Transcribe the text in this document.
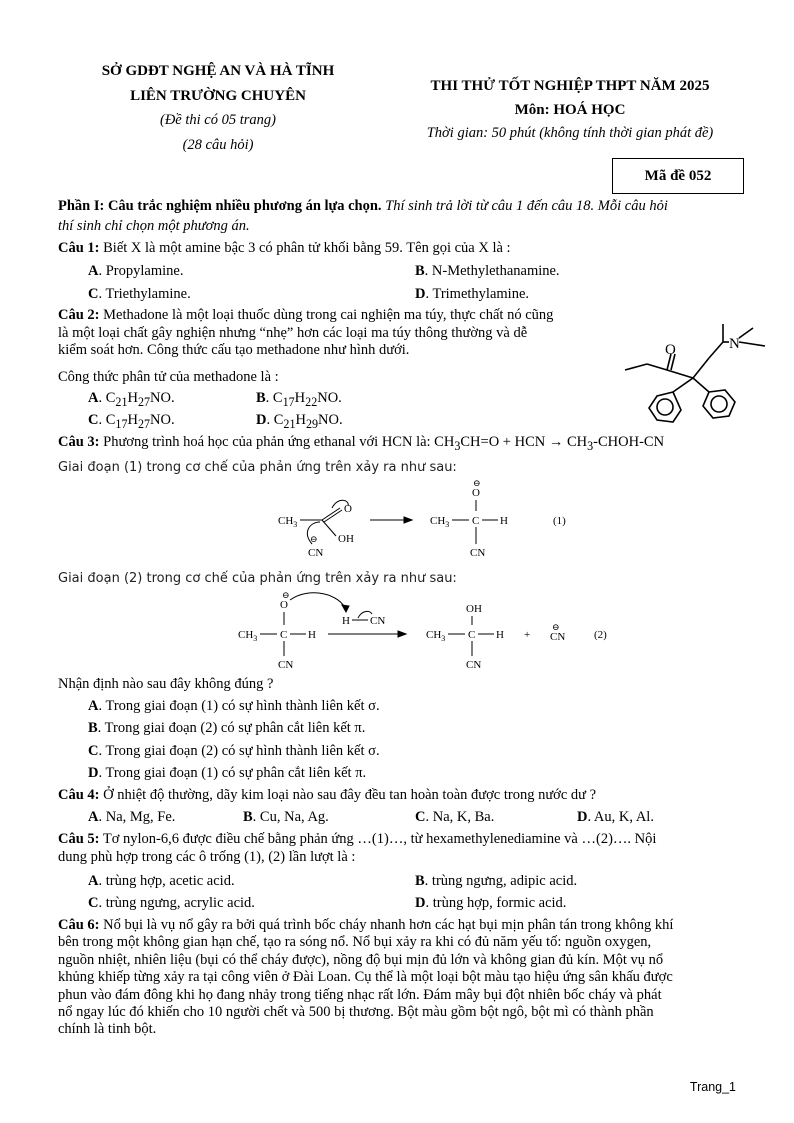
SỞ GDĐT NGHỆ AN VÀ HÀ TĨNH
LIÊN TRƯỜNG CHUYÊN
(Đề thi có 05 trang)
(28 câu hỏi)
THI THỬ TỐT NGHIỆP THPT NĂM 2025
Môn: HOÁ HỌC
Thời gian: 50 phút (không tính thời gian phát đề)
Mã đề 052
Phần I: Câu trắc nghiệm nhiều phương án lựa chọn. Thí sinh trả lời từ câu 1 đến câu 18. Mỗi câu hỏi
thí sinh chỉ chọn một phương án.
Câu 1: Biết X là một amine bậc 3 có phân tử khối bằng 59. Tên gọi của X là :
A. Propylamine.	B. N-Methylethanamine.
C. Triethylamine.	D. Trimethylamine.
Câu 2: Methadone là một loại thuốc dùng trong cai nghiện ma túy, thực chất nó cũng
là một loại chất gây nghiện nhưng “nhẹ” hơn các loại ma túy thông thường và dễ
kiểm soát hơn. Công thức cấu tạo methadone như hình dưới.
Công thức phân tử của methadone là :
A. $C_{21}H_{27}NO$.	B. $C_{17}H_{22}NO$.
C. $C_{17}H_{27}NO$.	D. $C_{21}H_{29}NO$.
N
O
Câu 3: Phương trình hoá học của phản ứng ethanal với HCN là: $CH_3CH=O$ + HCN → $CH_3-CHOH-CN$
Giai đoạn (1) trong cơ chế của phản ứng trên xảy ra như sau:
$CH_3$
O
OH
CN
⊖
$CH_3$ C H
O
⊖
CN
(1)
Giai đoạn (2) trong cơ chế của phản ứng trên xảy ra như sau:
$CH_3$ C H
O
⊖
CN
H CN
$CH_3$ C H
OH
CN
+ CN
⊖
(2)
Nhận định nào sau đây không đúng ?
A. Trong giai đoạn (1) có sự hình thành liên kết σ.
B. Trong giai đoạn (2) có sự phân cắt liên kết π.
C. Trong giai đoạn (2) có sự hình thành liên kết σ.
D. Trong giai đoạn (1) có sự phân cắt liên kết π.
Câu 4: Ở nhiệt độ thường, dãy kim loại nào sau đây đều tan hoàn toàn được trong nước dư ?
A. Na, Mg, Fe.	B. Cu, Na, Ag.	C. Na, K, Ba.	D. Au, K, Al.
Câu 5: Tơ nylon-6,6 được điều chế bằng phản ứng …(1)…, từ hexamethylenediamine và …(2)…. Nội
dung phù hợp trong các ô trống (1), (2) lần lượt là :
A. trùng hợp, acetic acid.	B. trùng ngưng, adipic acid.
C. trùng ngưng, acrylic acid.	D. trùng hợp, formic acid.
Câu 6: Nổ bụi là vụ nổ gây ra bởi quá trình bốc cháy nhanh hơn các hạt bụi mịn phân tán trong không khí
bên trong một không gian hạn chế, tạo ra sóng nổ. Nổ bụi xảy ra khi có đủ năm yếu tố: nguồn oxygen,
nguồn nhiệt, nhiên liệu (bụi có thể cháy được), nồng độ bụi mịn đủ lớn và không gian đủ kín. Một vụ nổ
khủng khiếp từng xảy ra tại công viên ở Đài Loan. Cụ thể là một loại bột màu tạo hiệu ứng sân khấu được
phun vào đám đông khi họ đang nhảy trong tiếng nhạc rất lớn. Đám mây bụi đột nhiên bốc cháy và phát
nổ ngay lúc đó khiến cho 10 người chết và 500 bị thương. Bột màu gồm bột ngô, bột mì có thành phần
chính là tinh bột.
Trang_1
